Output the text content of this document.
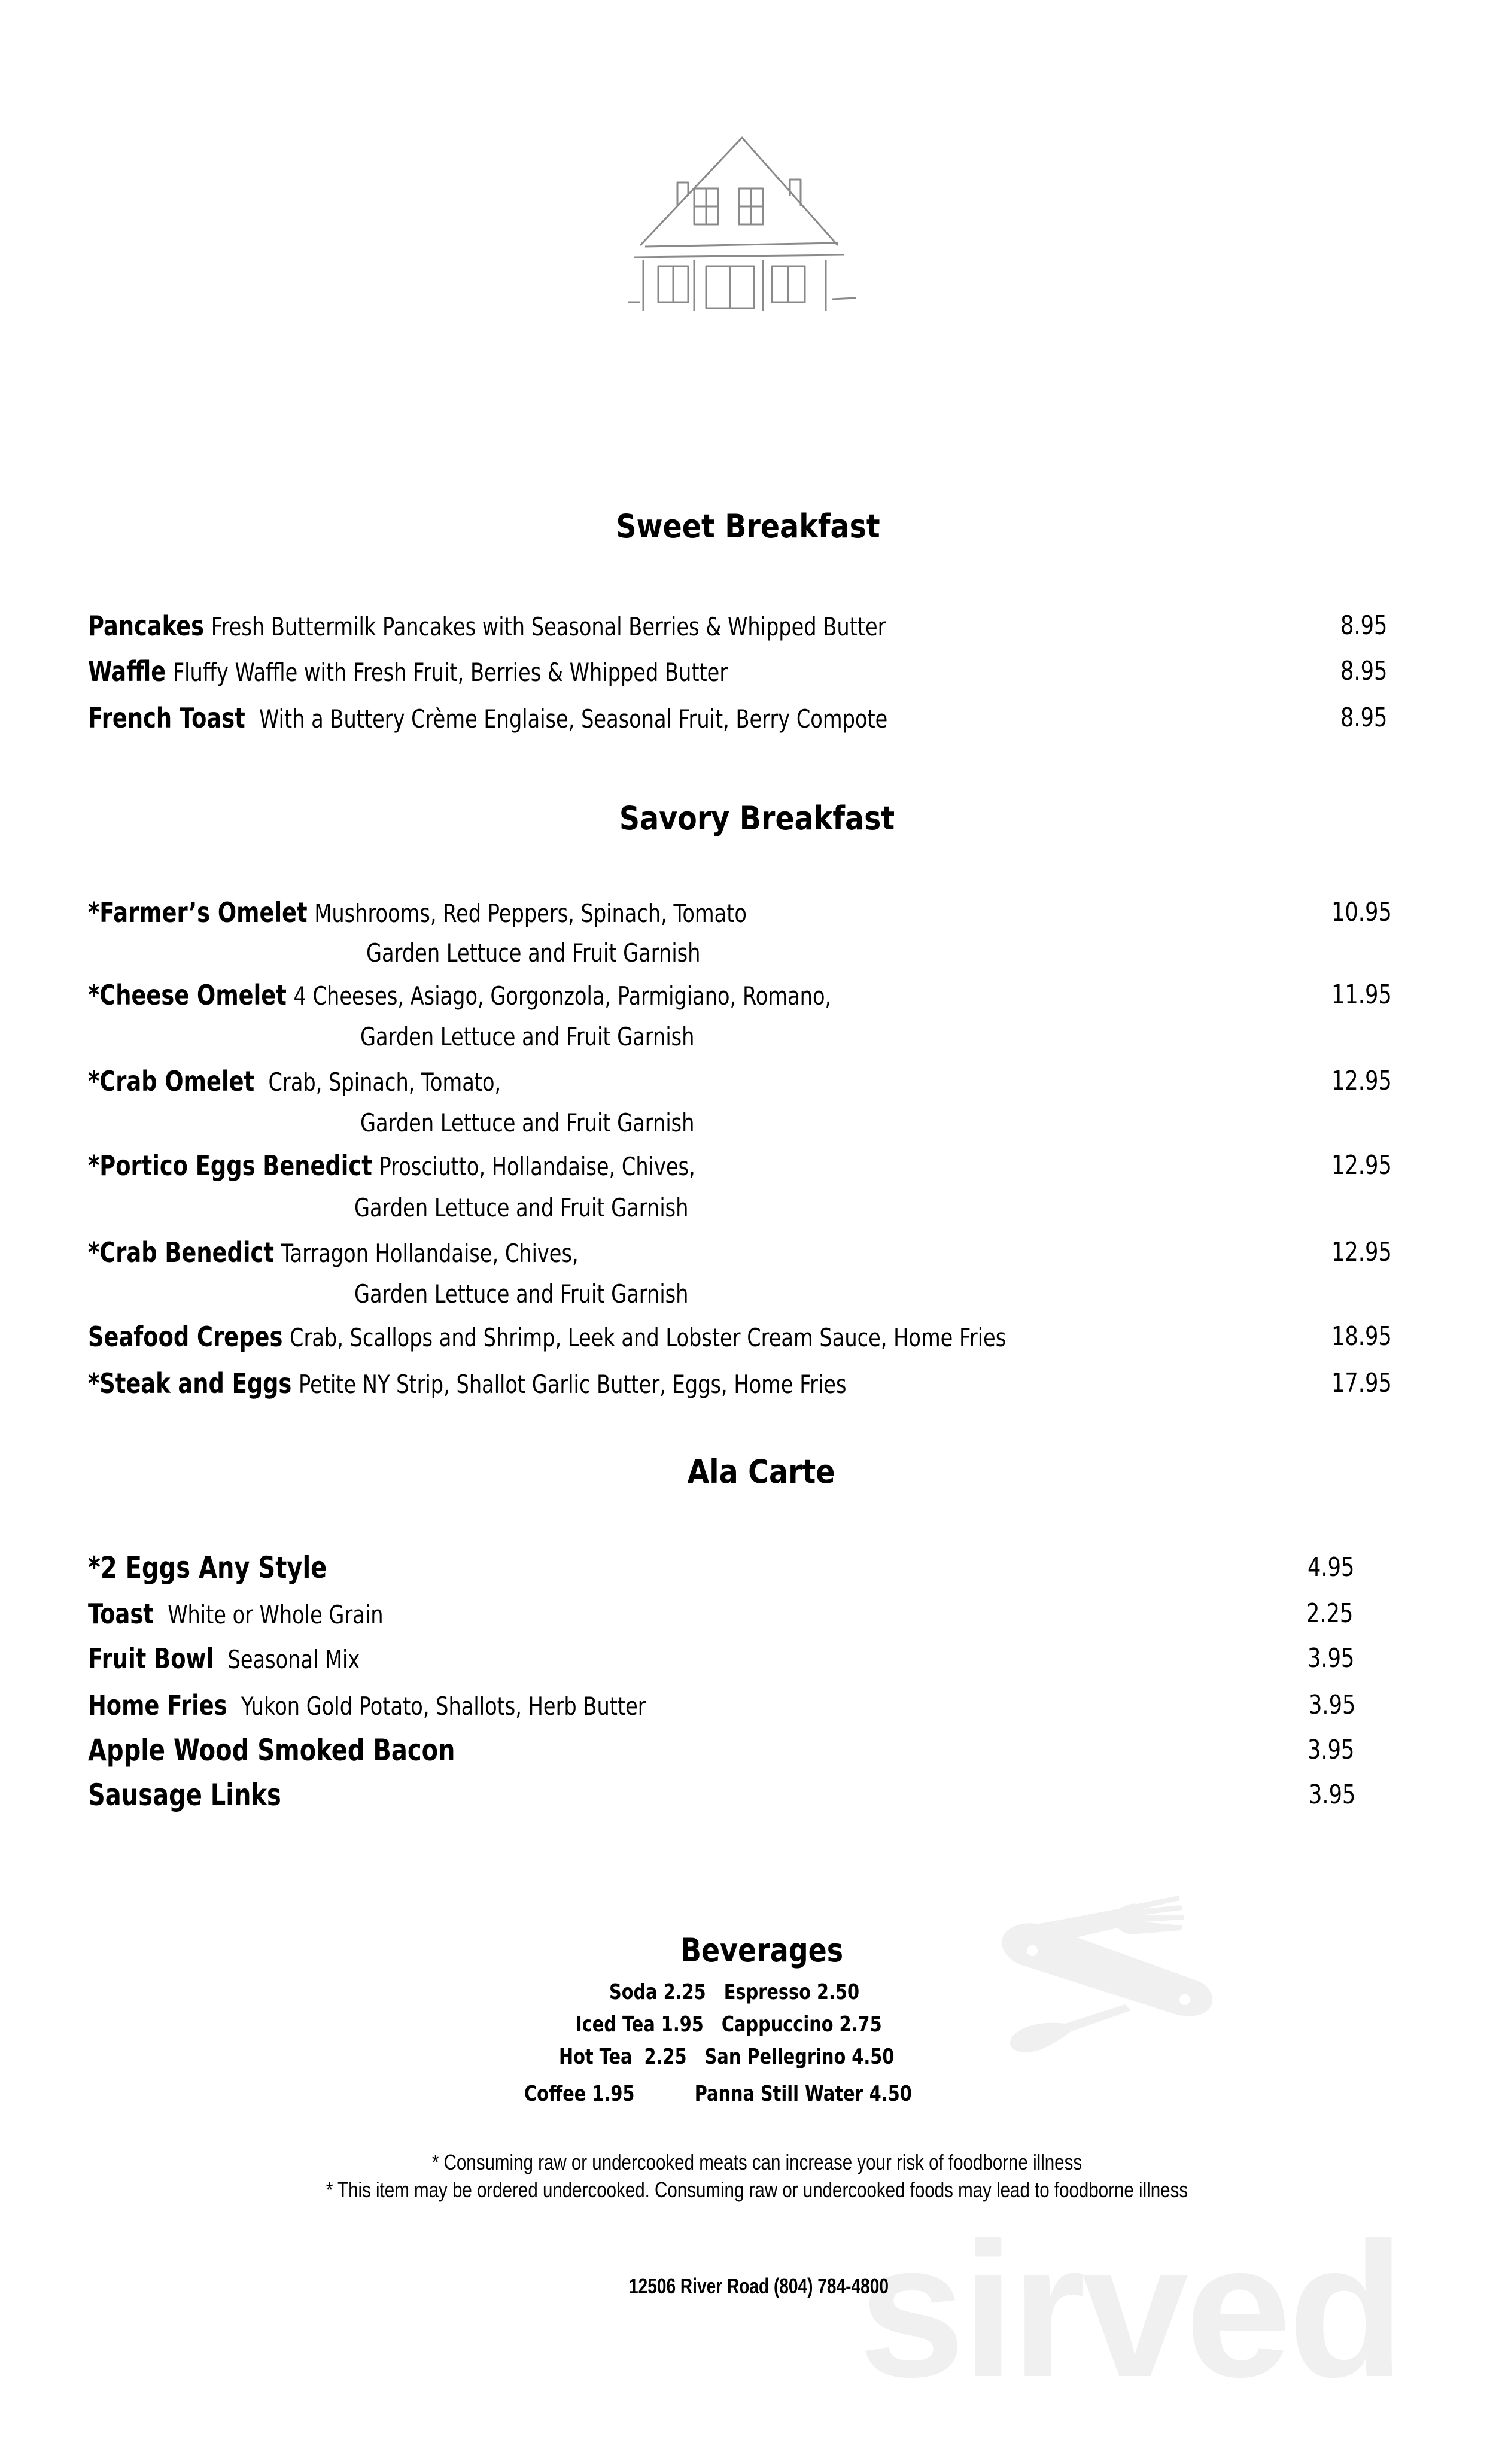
sirved
Sweet Breakfast
Pancakes Fresh Buttermilk Pancakes with Seasonal Berries & Whipped Butter	8.95
Waffle Fluffy Waffle with Fresh Fruit, Berries & Whipped Butter	8.95
French Toast With a Buttery Crème Englaise, Seasonal Fruit, Berry Compote	8.95
Savory Breakfast
*Farmer’s Omelet Mushrooms, Red Peppers, Spinach, Tomato	10.95
Garden Lettuce and Fruit Garnish
*Cheese Omelet 4 Cheeses, Asiago, Gorgonzola, Parmigiano, Romano,	11.95
Garden Lettuce and Fruit Garnish
*Crab Omelet Crab, Spinach, Tomato,	12.95
Garden Lettuce and Fruit Garnish
*Portico Eggs Benedict Prosciutto, Hollandaise, Chives,	12.95
Garden Lettuce and Fruit Garnish
*Crab Benedict Tarragon Hollandaise, Chives,	12.95
Garden Lettuce and Fruit Garnish
Seafood Crepes Crab, Scallops and Shrimp, Leek and Lobster Cream Sauce, Home Fries	18.95
*Steak and Eggs Petite NY Strip, Shallot Garlic Butter, Eggs, Home Fries	17.95
Ala Carte
*2 Eggs Any Style	4.95
Toast White or Whole Grain	2.25
Fruit Bowl Seasonal Mix	3.95
Home Fries Yukon Gold Potato, Shallots, Herb Butter	3.95
Apple Wood Smoked Bacon	3.95
Sausage Links	3.95
Beverages
Soda 2.25 Espresso 2.50
Iced Tea 1.95 Cappuccino 2.75
Hot Tea  2.25 San Pellegrino 4.50
Coffee 1.95	Panna Still Water 4.50
* Consuming raw or undercooked meats can increase your risk of foodborne illness
* This item may be ordered undercooked. Consuming raw or undercooked foods may lead to foodborne illness
12506 River Road (804) 784-4800
